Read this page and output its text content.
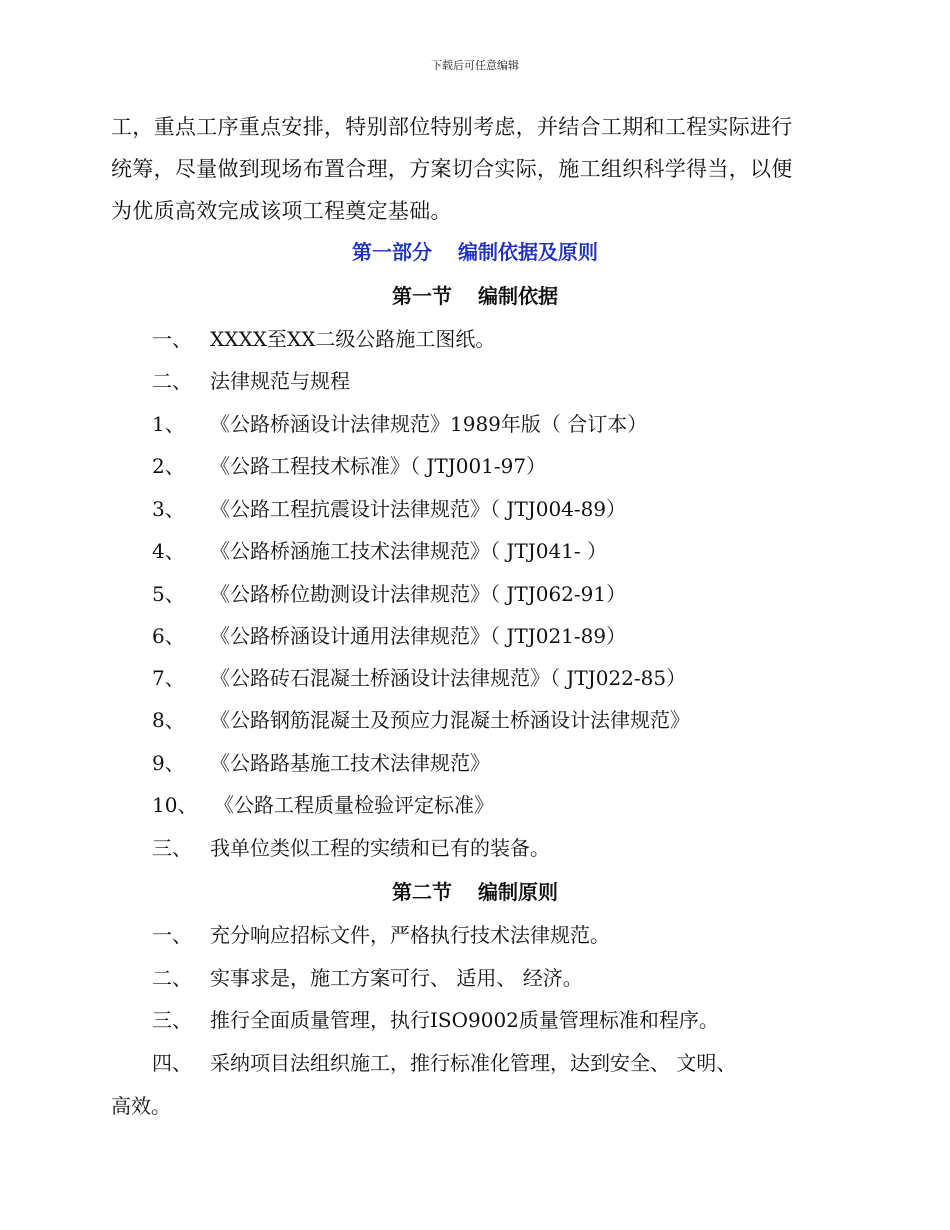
下载后可任意编辑

工，重点工序重点安排，特别部位特别考虑，并结合工期和工程实际进行

统筹，尽量做到现场布置合理，方案切合实际，施工组织科学得当，以便

为优质高效完成该项工程奠定基础。

第一部分 编制依据及原则
第一节 编制依据
一、 XXXX至XX二级公路施工图纸。
二、 法律规范与规程
1、 《公路桥涵设计法律规范》1989年版（ 合订本）
2、 《公路工程技术标准》（ JTJ001-97）
3、 《公路工程抗震设计法律规范》（ JTJ004-89）
4、 《公路桥涵施工技术法律规范》（ JTJ041- ）
5、 《公路桥位勘测设计法律规范》（ JTJ062-91）
6、 《公路桥涵设计通用法律规范》（ JTJ021-89）
7、 《公路砖石混凝土桥涵设计法律规范》（ JTJ022-85）
8、 《公路钢筋混凝土及预应力混凝土桥涵设计法律规范》
9、 《公路路基施工技术法律规范》
10、 《公路工程质量检验评定标准》
三、 我单位类似工程的实绩和已有的装备。
第二节 编制原则
一、 充分响应招标文件，严格执行技术法律规范。
二、 实事求是，施工方案可行、 适用、 经济。
三、 推行全面质量管理，执行ISO9002质量管理标准和程序。
四、 采纳项目法组织施工，推行标准化管理，达到安全、 文明、
高效。
